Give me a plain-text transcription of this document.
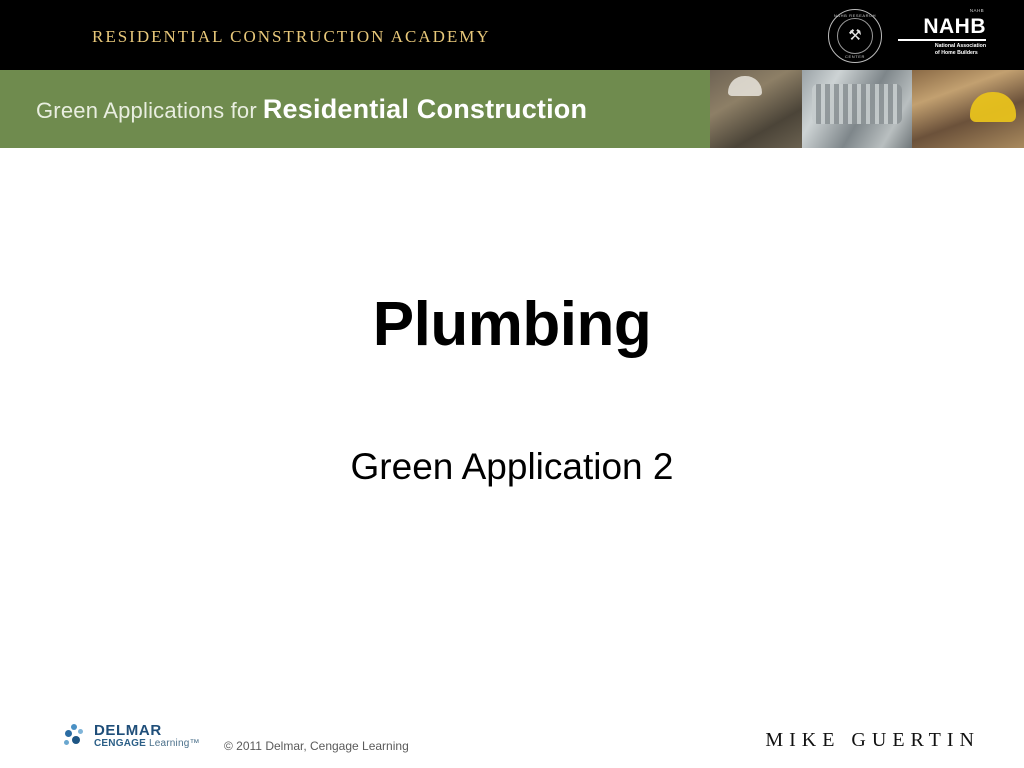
RESIDENTIAL CONSTRUCTION ACADEMY
NAHB RESEARCH
⚒
CENTER
NAHB
NAHB
National Association
of Home Builders
Green Applications for Residential Construction
Plumbing
Green Application 2
DELMAR
CENGAGE Learning™ © 2011 Delmar, Cengage Learning	MIKE GUERTIN
